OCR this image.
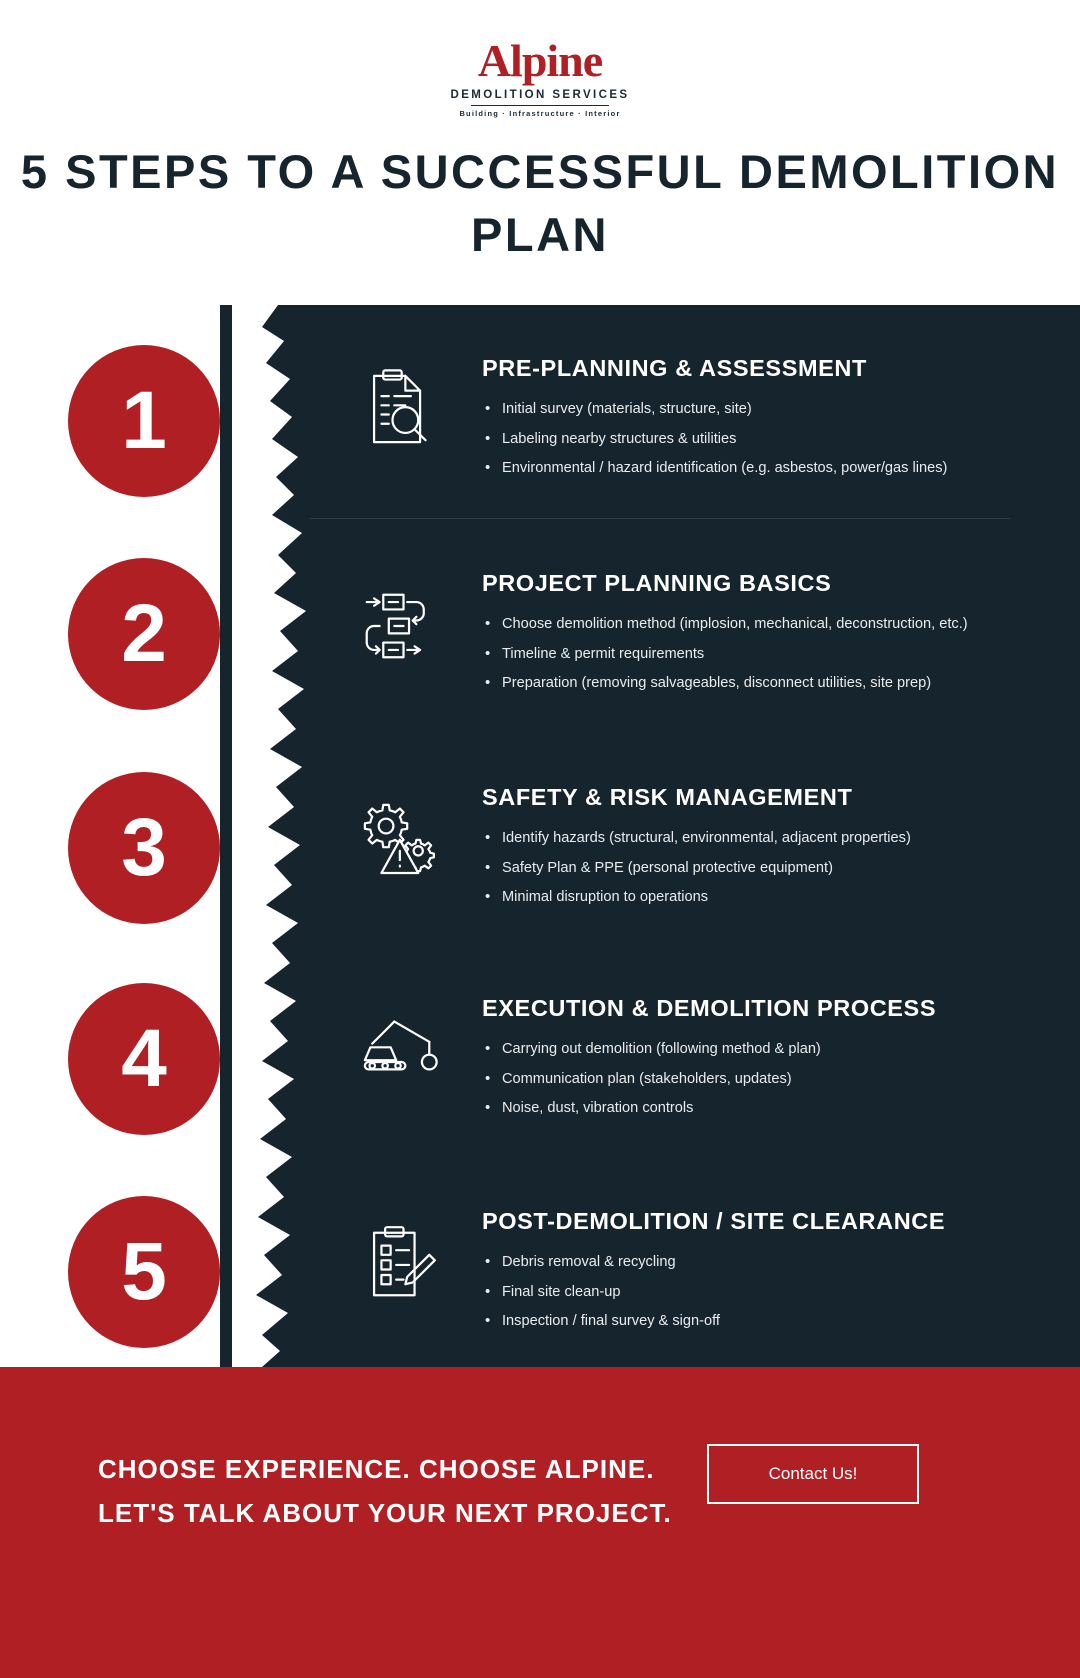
Alpine
DEMOLITION SERVICES
Building · Infrastructure · Interior
5 STEPS TO A SUCCESSFUL DEMOLITION PLAN
1
PRE-PLANNING & ASSESSMENT
• Initial survey (materials, structure, site)
• Labeling nearby structures & utilities
• Environmental / hazard identification (e.g. asbestos, power/gas lines)
2
PROJECT PLANNING BASICS
• Choose demolition method (implosion, mechanical, deconstruction, etc.)
• Timeline & permit requirements
• Preparation (removing salvageables, disconnect utilities, site prep)
3
SAFETY & RISK MANAGEMENT
• Identify hazards (structural, environmental, adjacent properties)
• Safety Plan & PPE (personal protective equipment)
• Minimal disruption to operations
4
EXECUTION & DEMOLITION PROCESS
• Carrying out demolition (following method & plan)
• Communication plan (stakeholders, updates)
• Noise, dust, vibration controls
5
POST-DEMOLITION / SITE CLEARANCE
• Debris removal & recycling
• Final site clean-up
• Inspection / final survey & sign-off
CHOOSE EXPERIENCE. CHOOSE ALPINE.
LET'S TALK ABOUT YOUR NEXT PROJECT.
Contact Us!
